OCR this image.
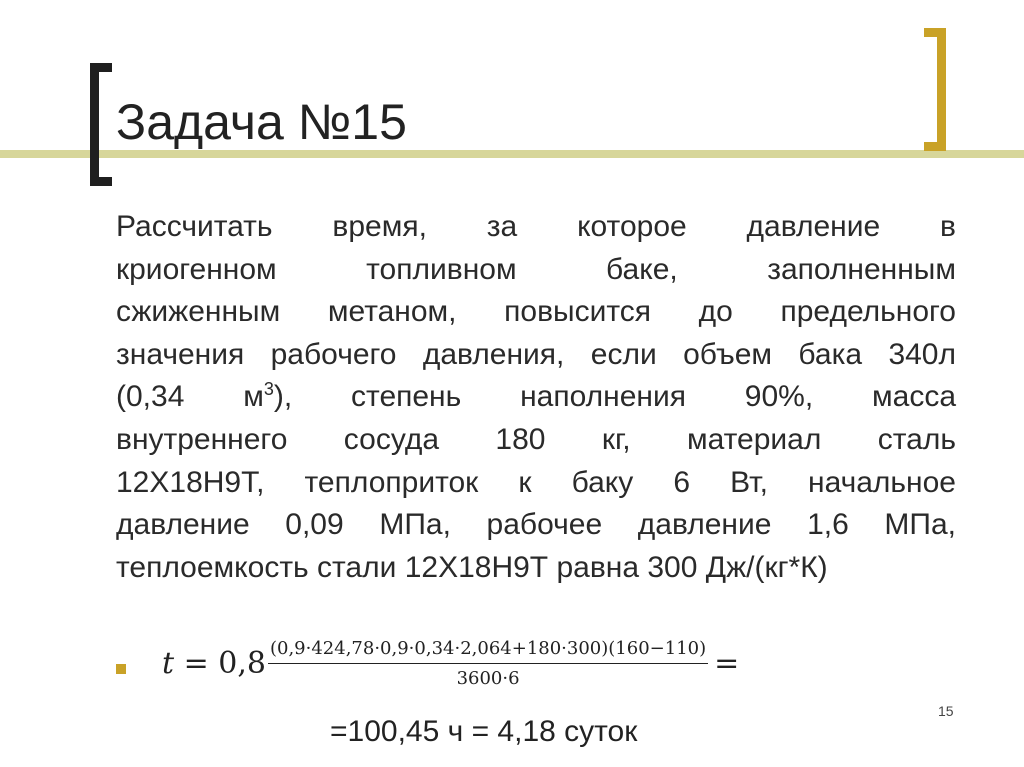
Задача №15
Рассчитать время, за которое давление в
криогенном топливном баке, заполненным
сжиженным метаном, повысится до предельного
значения рабочего давления, если объем бака 340л
(0,34 $м^3$), степень наполнения 90%, масса
внутреннего сосуда 180 кг, материал сталь
12Х18Н9Т, теплоприток к баку 6 Вт, начальное
давление 0,09 МПа, рабочее давление 1,6 МПа,
теплоемкость стали 12Х18Н9Т равна 300 Дж/(кг*К)
$t = 0,8 \frac{(0,9\cdot 424,78\cdot 0,9\cdot 0,34\cdot 2,064+180\cdot 300)(160-110)}{3600\cdot 6}$ =
=100,45 ч = 4,18 суток
15
